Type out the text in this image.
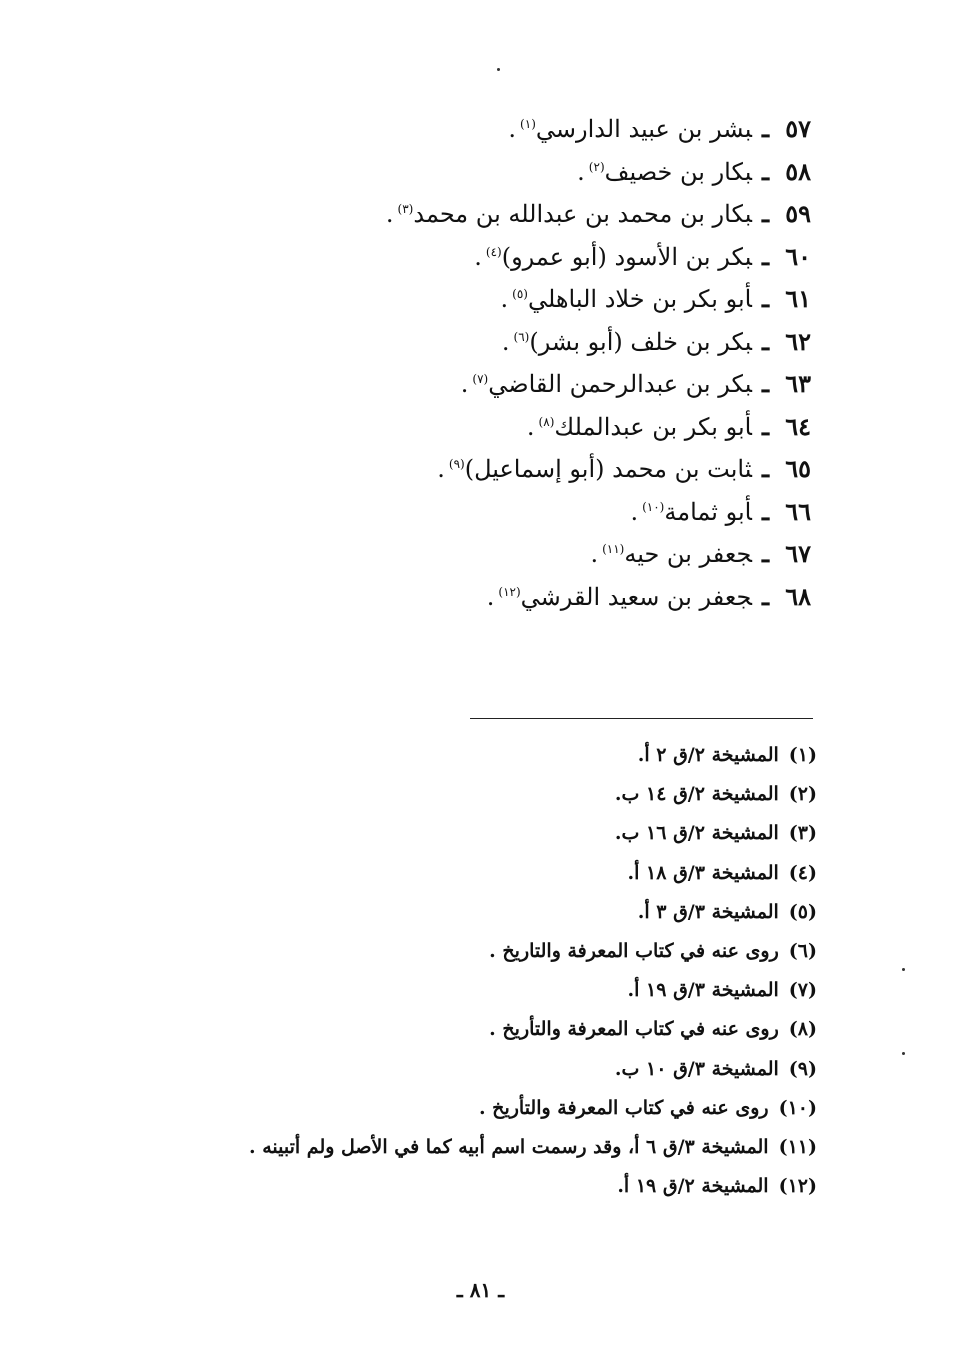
٥٧ـبشر بن عبيد الدارسي$^{(١)}$.
٥٨ـبكار بن خصيف$^{(٢)}$.
٥٩ـبكار بن محمد بن عبدالله بن محمد$^{(٣)}$.
٦٠ـبكر بن الأسود (أبو عمرو)$^{(٤)}$.
٦١ـأبو بكر بن خلاد الباهلي$^{(٥)}$.
٦٢ـبكر بن خلف (أبو بشر)$^{(٦)}$.
٦٣ـبكر بن عبدالرحمن القاضي$^{(٧)}$.
٦٤ـأبو بكر بن عبدالملك$^{(٨)}$.
٦٥ـثابت بن محمد (أبو إسماعيل)$^{(٩)}$.
٦٦ـأبو ثمامة$^{(١٠)}$.
٦٧ـجعفر بن حيه$^{(١١)}$.
٦٨ـجعفر بن سعيد القرشي$^{(١٢)}$.
(١)المشيخة ٢/ق ٢ أ.
(٢)المشيخة ٢/ق ١٤ ب.
(٣)المشيخة ٢/ق ١٦ ب.
(٤)المشيخة ٣/ق ١٨ أ.
(٥)المشيخة ٣/ق ٣ أ.
(٦)روى عنه في كتاب المعرفة والتاريخ .
(٧)المشيخة ٣/ق ١٩ أ.
(٨)روى عنه في كتاب المعرفة والتأريخ .
(٩)المشيخة ٣/ق ١٠ ب.
(١٠)روى عنه في كتاب المعرفة والتأريخ .
(١١)المشيخة ٣/ق ٦ أ، وقد رسمت اسم أبيه كما في الأصل ولم أتبينه .
(١٢)المشيخة ٢/ق ١٩ أ.
ـ ٨١ ـ
